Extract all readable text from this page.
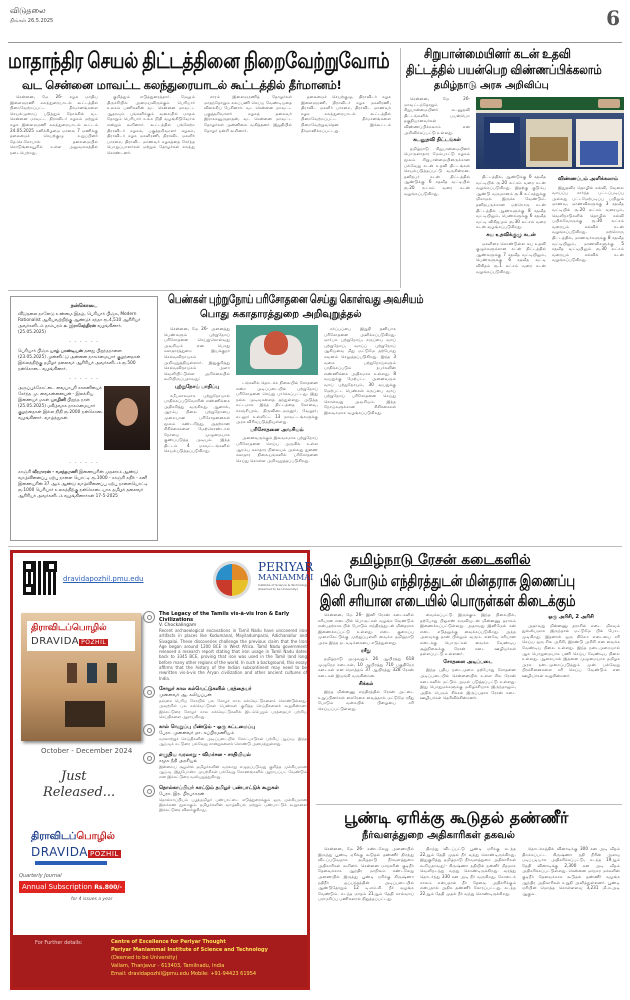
விடுதலை
திங்கள் 26.5.2025	6
மாதாந்திர செயல் திட்டத்தினை நிறைவேற்றுவோம்
வட சென்னை மாவட்ட கலந்துரையாடல் கூட்டத்தில் தீர்மானம்!

சென்னை, மே 26- கழக மாதிய இளைஞரணி கலந்துரையாடல் கூட்டத்தில் நிறைவேற்றப்பட்ட தீர்மானங்களை செயல்முறைப் படுத்தும் நோக்கில் வட சென்னை மாவட்ட திராவிடர் கழகம் மற்றும் கழக இளைஞரணி கலந்துரையாடல் கூட்டம் 24.05.2025 சனிக்கிழமை மாலை 7 மணிக்கு தலைமைச் செயற்குழு உறுப்பினர் தே.செ.கோபால் தலைமையில் கொடுங்கையூரில் உள்ள அலுவலகத்தில் நடைபெற்றது.

குறித்தும் எடுத்துரைத்தார். மேலும் திருச்சியில் அமையவிருக்கும் பெரியார் உலகம் பணிகளின் வட சென்னை மாவட்ட ஆதரவும் பங்களிக்கும் வகையில் மாதம் தோறும் பெரியார் உலக நிதி வழங்கிடுவோம் என்றும் கூறினார். கூட்டத்தில் பங்கேற்ற திராவிடர் கழகம், பகுத்தறிவாளர் கழகம், திராவிடர் கழக மகளிரணி, திராவிட மகளிர் பாசறை, திராவிட மாணவர் கழகத்தை சேர்ந்த பொறுப்பாளர்கள் மற்றும் தோழர்கள் கலந்து கொண்டனர்.

சாரம் இளைஞரணித் தோழர்கள் மாதந்தோறும் கலப்பணி செய்ய வேண்டியதை விளக்கிப் பேசினார். வட சென்னை மாவட்ட பகுத்தறிவாளர் கழகத் தலைவர் இராசுகனுருதாதன், வட சென்னை மாவட்ட தோழர்கள் முன்னிலை வகித்தனர். இறுதியில் தோழர் நன்றி கூறினார்.

தலைமைச் செயற்குழு, திராவிடர் கழக இளைஞரணி, திராவிடர் கழக மகளிரணி, திராவிட மகளிர் பாசறை, திராவிட மாணவர் கழக கலந்துரையாடல் கூட்டத்தில் நிறைவேற்றப்பட்ட தீர்மானங்களை நிறைவேற்றுவதென இக்கூட்டம் தீர்மானிக்கப்பட்டது.

சிறுபான்மையினர் கடன் உதவி
திட்டத்தில் பயன்பெற விண்ணப்பிக்கலாம்
தமிழ்நாடு அரசு அறிவிப்பு

சென்னை, மே 26- மாவட்டந்தோறும் சிறுபான்மையினர் கடனுதவி திட்டங்களில் பயன்பெற தகுதியானவர்கள் விண்ணப்பிக்கலாம் என அறிவிக்கப்பட்டு உள்ளது.

கடனுதவி திட்டங்கள்

தமிழ்நாடு சிறுபான்மையினர் பொருளாதார மேம்பாட்டு கழகம் மூலம் சிறுபான்மையினருக்கான பல்வேறு கடன் உதவி திட்டங்கள் செயல்படுத்தப்பட்டு வருகின்றன. தனிநபர் கடன் திட்டத்தில் ஆண்டுக்கு 6 சதவீத வட்டியில் ரூ.20 லட்சம் வரை கடன் வழங்கப்படுகிறது.

திட்டத்தில், ஆண்டுக்கு 6 சதவீத வட்டியில் ரூ.20 லட்சம் வரை கடன் வழங்கப்படுகிறது. இதற்கு குடும்ப ஆண்டு வருமானம் ரூ.8 லட்சத்துக்கு மிகாமல் இருக்க வேண்டும். தனிநபருக்கான மற்றொரு கடன் திட்டத்தில் ஆண்களுக்கு 8 சதவீத வட்டியிலும், பெண்களுக்கு 6 சதவீத வட்டி விகிதமும் ரூ.30 லட்சம் வரை கடன் வழங்கப்படுகிறது.

சுய உதவிக்குழு கடன்

மகளிரை கொண்டுள்ள சுய உதவி குழுக்களுக்கான கடன் திட்டத்தில் ஆண்களுக்கு 7 சதவீத வட்டியிலும், பெண்களுக்கு 6 சதவீத வட்டி விகிதம் ரூ.1 லட்சம் வரை கடன் வழங்கப்படுகிறது.

விண்ணப்பம் அளிக்கலாம்

இதுதவிர தொழில் கல்வி, வேலை வாய்ப்பு சார்ந்த பட்டப்படிப்பு அல்லது பட்டமேற்படிப்பு பயிலும் மாணவ, மாணவிகளுக்கு 3 சதவீத வட்டியில் ரூ.20 லட்சம் வரையும், வெளிநாடுகளில் தொழில் கல்வி பயில்வோருக்கு ரூ.30 லட்சம் வரையும் கல்விக் கடன் வழங்கப்படுகிறது. மற்றொரு திட்டத்தில், மாணவர்களுக்கு 8 சதவீத வட்டியிலும், மாணவிகளுக்கு 5 சதவீத வட்டியிலும் ரூ.30 லட்சம் வரையும் கல்விக் கடன் வழங்கப்படுகிறது.

நன்கொடை

விடுதலை நாளேடு உண்மை இதழ், பெரியார் பிஞ்சு, Modern Rationalist ஆகியவற்றிற்கு ஆண்டுச் சந்தா ரூ.4,510 ஆசிரியர் அவர்களிடம் தாம்பரம் ச. இராசேந்திரன் வழங்கினார். (25.05.2025)

- - - - - -

பெரியார் பிஞ்சு யாழ் பாண்டியன் தனது பிறந்தநாளை (23.05.2025) முன்னிட்டு அன்னை நாகம்மையார் குழந்தைகள் இல்லத்திற்கு தமிழர் தலைவர் ஆசிரியர் அவர்களிடம் ரூ.500 நன்கொடை வழங்கினார்.

- - - - - -

அருப்புக்கோட்டை வையாபுரி காலனியைச் சேர்ந்த மு. வைகன்னையன் - இலக்கிய இணையர் மகள் யாழினி பிறந்த நாள் (25.05.2025) மகிழ்வாக நாகம்மையார் குழந்தைகள் இல்ல நிதி ரூ.2000 நன்கொடை வழங்கினார். வாழ்த்துகள்.

- - - - - -

காஞ்சி வீரமாரன் - வசந்தமணி இணையரின் முதலாம் ஆண்டு வாழ்வினைப்பு ஏற்பு நாளை யொட்டி ரூ.1000 - காஞ்சி கதிர் - கனி இணையரின் 37 ஆம் ஆண்டு வாழ்வினைப்பு ஏற்பு நாளையொட்டி ரூ.1000 பெரியார் உலகத்திற்கு நன்கொடையாக தமிழர் தலைவர் ஆசிரியர் அவர்களிடம் வழங்கினார்கள் 17-5-2025

பெண்கள் புற்றுநோய் பரிசோதனை செய்து கொள்வது அவசியம்
பொது சுகாதாரத்துறை அறிவுறுத்தல்

சென்னை, மே 26- அனைத்து பெண்களும் புற்றுநோய் பரிசோதனை செய்துகொள்வது அவசியம் என பொது சுகாதாரத்துறை இயக்குநர் செல்வவிநாயகம் அறிவுறுத்தியுள்ளார். இதுகுறித்து செல்வவிநாயகம் அளா வெளியிட்டுள்ள அறிக்கையில் கூறியிருப்பதாவது:

புற்றுநோய் பாதிப்பு

சமீபகாலமாக புற்றுநோயால் பாதிக்கப்படுவோரின் எண்ணிக்கை அதிகரித்து வருகிறது. ஆனால், ஆரம்ப நிலை புற்றுநோயை முறையான பரிசோதனைகள் மூலம் கண்டறிந்து, அதற்கான சிகிச்சைகளை மேற்கொண்டால் நோயை முழுமையாக குணப்படுத்த முடியும். இந்த திட்டம் 4 மாவட்டங்களில் செயல்படுத்தப்படுகிறது.

டங்களில் தொடக்க நிலையில் சோதனை என்ற அடிப்படையில் புற்றுநோய் பரிசோதனை செய்து பார்க்கப்பட்டது. இது நல்ல முடிவுகளைத் தந்துள்ளது. அடுத்த கட்டமாக இந்த திட்டத்தை கோவை, காஞ்சிபுரம், திருவிடைமருதூர், வேலூர், கடலூர் உள்ளிட்ட 13 மாவட்டங்களுக்கு அரசு விரிவுபடுத்தியுள்ளது.

பரிசோதனை அவசியம்

அனைவருக்கும் இலவசமாக புற்றுநோய் பரிசோதனை செய்ய அருகில் உள்ள ஆரம்ப சுகாதார நிலையம் அல்லது துணை சுகாதார நிலையங்களில் பரிசோதனை செய்து கொள்ள அறிவுறுத்தப்படுகிறது.

கர்ப்பப்பை இறுதி தனியாக பரிசோதனை அளிக்கப்படுகிறது. மார்பக புற்றுநோய், கருப்பை வாய் புற்றுநோய், வாய்ப் புற்றுநோய் ஆகியவை மீது மட்டுமே தற்போது கவனம் செலுத்தப்படுகிறது. இந்த 3 வகை புற்றுநோய்களும் பாதிக்கப்படும் நபர்களின் எண்ணிக்கை அதிகமாக உள்ளது. 8 வயதுக்கு மேற்பட்ட அனைவரும் வாய் புற்றுநோயும், 30 வயதுக்கு மேற்பட்ட பெண்கள் கருப்பை வாய் புற்றுநோய் பரிசோதனை செய்து கொள்வது அவசியம். இந்த நோய்களுக்கான சிகிச்சைகள் இலவசமாக வழங்கப்படுகிறது.

dravidapozhil.pmu.edu
PERIYAR
MANIAMMAI
Institute of Science & Technology (Deemed to be University)
திராவிடப்பொழில்
DRAVIDA POZHIL
October - December 2024
Just
Released...
திராவிடப்பொழில்
DRAVIDA POZHIL
Quarterly Journal
Annual Subscription Rs.800/-
for 4 issues a year
The Legacy of the Tamils vis-à-vis Iron & Early Civilizations
V. Chockalingam
Recent archaeological excavations in Tamil Nadu have uncovered iron artifacts in places like Kodumanal, Mayiladumparai, Adichanallur and Sivagalai. These discoveries challenge the previous claim that the Iron Age began around 1200 BCE in West Africa. Tamil Nadu government released a research report stating that iron usage in Tamil Nadu dates back to 3345 BCE, proving that iron was used in the Tamil land long before many other regions of the world. In such a background, this essay affirms that the history of the Indian subcontinent may need to be rewritten vis-à-vis the Aryan civilization and other ancient cultures of India.
சோழர் கால கல்வெட்டுகளில் பரத்தையர்
முனைவர் ஆ. கலியப்பன்
தஞ்சை பெரிய கோயில் பல சோழர் கால கல்வெட்டுகளைக் கொண்டுள்ளது. அவற்றில் பல கல்வெட்டுகள் பெண்கள் குறித்த செய்திகளைக் கூறுகின்றன. இக்கட்டுரை சோழர் கால கல்வெட்டுகளில் இடம்பெறும் பரத்தையர் பற்றிய செய்திகளை ஆராய்கிறது.
கால் வெறுப்பு மீண்டும் - ஒரு கட்டமைப்பு
பேரா. முனைவர் மா. சுப்பிரமணியம்
வரலாற்றுச் செய்திகளின் அடிப்படையில் கோட்பாடுகள் பற்றிய ஆய்வு. இந்த ஆய்வுக் கட்டுரை பல்வேறு சான்றுகளைக் கொண்டு அமைந்துள்ளது.
எழுதிய வரலாறு - விமர்சன - சாதியியல்
சமூக நீதி அரசியல்
இன்றைய சூழலில் தமிழர்களின் வரலாறு எழுதப்படுவது குறித்த முக்கியமான ஆய்வு. இதுபோன்ற முயற்சிகள் பல்வேறு கோணங்களில் ஆராயப்பட வேண்டும் என இக்கட்டுரை வலியுறுத்துகிறது.
தொல்காப்பியர் காட்டும் தமிழர் பண்பாட்டுக் கூறுகள்
பேரா. இர. பிரபாகரன்
தொல்காப்பியம் பழந்தமிழர் பண்பாட்டை எடுத்துரைக்கும் ஒரு முக்கியமான இலக்கண நூலாகும். தமிழர்களின் வாழ்வியல் மற்றும் பண்பாட்டுக் கூறுகளை இக்கட்டுரை விளக்குகிறது.
For Further details:	Centre of Excellence for Periyar Thought
Periyar Maniammai Institute of Science and Technology
(Deemed to be University)
Vallam, Thanjavur - 613403, Tamilnadu, India
Email: dravidapozhil@pmu.edu Mobile: +91-94423 61954
தமிழ்நாடு ரேசன் கடைகளில்
பில் போடும் எந்திரத்துடன் மின்தராசு இணைப்பு
இனி சரியான எடையில் பொருள்கள் கிடைக்கும்

சென்னை, மே 26- இனி ரேசன் கடைகளில் சரியான எடையில் பொருட்கள் வழங்க வேண்டும் என்பதற்காக பில் போடும் எந்திரத்துடன் மின்தராசு இணைக்கப்பட்டு உள்ளது. எடை குறைப்பு முறைகேட்டுக்கு முற்றுப்புள்ளி வைக்க தமிழ்நாடு அரசு இந்த நடவடிக்கையை எடுத்துள்ளது.

ரசீது

தமிழ்நாடு முழுவதும் 26 ஆயிரத்து 618 முழுநேர கடைகள், 10 ஆயிரத்து 710 பகுதிநேர கடைகள் என மொத்தம் 37 ஆயிரத்து 328 ரேசன் கடைகள் இயங்கி வருகின்றன.

சிக்கல்

இந்த மின்னணு எந்திரத்தில் ரேசன் அட்டை உறுப்பினர்கள் கைரேகை வைத்தால் மட்டுமே ரசீது போடும் வகையில் பிழையை சரி செய்யப்பட்டுள்ளது.

வைக்கப்பட்டு இருக்கும் இந்த நிலையில், தற்போது பிஓஎஸ் கருவியுடன் மின்னணு தராசும் இணைக்கப்பட்டுள்ளது. அதாவது இனிமேல் கன் எடை எடுதலுக்கு வைக்கப்படுகிறது. அந்த அளவுக்கு தான் பில்லும் வரும். எனவே சரியான எடைக்கு பொருட்கள் வைக்க வேண்டிய சூழ்நிலைக்கு ரேசன் கடை ஊழியர்கள் தள்ளப்பட்டு உள்ளனர்.

சோதனை அடிப்படை

இந்த புதிய நடைமுறை தற்போது சோதனை அடிப்படையில் சென்னையில் உள்ள சில ரேசன் கடைகளில் மட்டும் அமல் படுத்தப்பட்டு உள்ளது. இது பொதுமக்களுக்கு மகிழ்ச்சியாக இருந்தாலும், அதில் பெரும் சிக்கல் இருப்பதாக ரேசன் கடை ஊழியர்கள் தெரிவிக்கின்றனர்.

ஒரு அரிசி, 2 அரிசி

அதாவது மின்னணு தராசில் எடை மிகவும் துல்லியமாக இருந்தால் மட்டுமே பில் போட முடிகிறது. இதனால் ஒரு கிலோ எடையை சரி செய்ய ஒரு சில அரிசி, இரண்டு அரிசி என வைக்க வேண்டிய நிலை உள்ளது. இந்த நடைமுறையால் ஆக பொறுமையாக பணி செய்ய வேண்டிய நிலை உள்ளது. ஆகையால் இதனை முழுமையாக தமிழக அரசு நடைமுறைப்படுத்தும் முன் பல்வேறு பிரச்சினைகளை சரி செய்ய வேண்டும் என ஊழியர்கள் கூறுகின்றனர்.

பூண்டி ஏரிக்கு கூடுதல் தண்ணீர்
நீர்வளத்துறை அதிகாரிகள் தகவல்

சென்னை, மே 26- கண்டலேறு அணையில் இருந்து பூண்டி ஏரிக்கு கூடுதல் தண்ணீர் திறந்து விடப்படுவதாக தமிழ்நாடு நீர்வளத்துறை அதிகாரிகள் கூறினர். சென்னை மாநகரின் குடிநீர் தேவைக்காக ஆந்திர மாநிலம் கண்டலேறு அணையில் இருந்து பூண்டி ஏரிக்கு கிருஷ்ணா நதிநீர் ஒப்பந்தத்தின் அடிப்படையில் ஆண்டுதோறும் 12 டி.எம்.சி. நீர் வழங்க வேண்டும். கடந்த மாதம் 21ஆம் தேதி கால்வாய் பராமரிப்பு பணிகளால் நிறுத்தப்பட்டது.

திறந்து விடப்பட்டு பூண்டி ஏரிக்கு கடந்த 22ஆம் தேதி முதல் நீர் வந்து கொண்டிருக்கிறது. இதுகுறித்து தமிழ்நாடு நீர்வளத்துறை அதிகாரிகள் கூறியதாவது:- கிருஷ்ணா நதியில் நன்னீர் மீதமாக வெளிநடந்து வந்து கொண்டிருக்கிறது. வரத்து தொடர்ந்து 330 கன அடி நீர் வருகிறது. கோடைக் காலம் என்பதால் நீர் தேவை அதிகரிக்கும் என்பதால் அதிக தண்ணீர் கோரப்பட்டது. கடந்த 22ஆம் தேதி முதல் நீர் வந்து கொண்டிருக்கிறது.

தொடக்கத்தில் வினாடிக்கு 300 கன அடி வீதம் திறக்கப்பட்ட கிருஷ்ணா நதி நீரின் அளவு படிப்படியாக அதிகரிக்கப்பட்டு, கடந்த 19ஆம் தேதி வினாடிக்கு 2,300 கன அடி வீதம் அதிகரிக்கப்பட்டுள்ளது. சென்னை மாநகர மக்களின் குடிநீர் தேவைக்காக கூடுதல் தண்ணீர் வழங்க ஆந்திர அதிகாரிகள் உறுதி அளித்துள்ளனர். பூண்டி ஏரியின் மொத்த கொள்ளளவு 3,231 மி.க.அடி ஆகும்.
